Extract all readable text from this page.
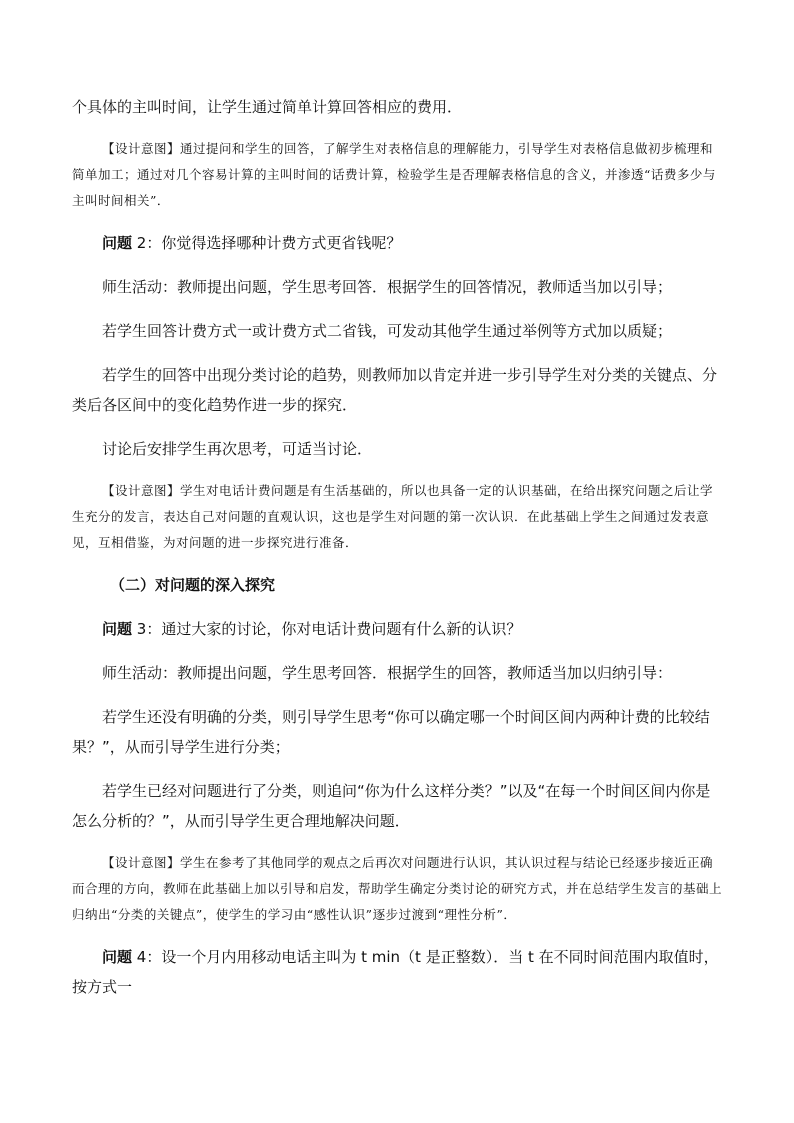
个具体的主叫时间，让学生通过简单计算回答相应的费用．

【设计意图】通过提问和学生的回答，了解学生对表格信息的理解能力，引导学生对表格信息做初步梳理和简单加工；通过对几个容易计算的主叫时间的话费计算，检验学生是否理解表格信息的含义，并渗透“话费多少与主叫时间相关”．

问题 2：你觉得选择哪种计费方式更省钱呢？

师生活动：教师提出问题，学生思考回答．根据学生的回答情况，教师适当加以引导；

若学生回答计费方式一或计费方式二省钱，可发动其他学生通过举例等方式加以质疑；

若学生的回答中出现分类讨论的趋势，则教师加以肯定并进一步引导学生对分类的关键点、分类后各区间中的变化趋势作进一步的探究．

讨论后安排学生再次思考，可适当讨论．

【设计意图】学生对电话计费问题是有生活基础的，所以也具备一定的认识基础，在给出探究问题之后让学生充分的发言，表达自己对问题的直观认识，这也是学生对问题的第一次认识．在此基础上学生之间通过发表意见，互相借鉴，为对问题的进一步探究进行准备．

（二）对问题的深入探究

问题 3：通过大家的讨论，你对电话计费问题有什么新的认识？

师生活动：教师提出问题，学生思考回答．根据学生的回答，教师适当加以归纳引导：

若学生还没有明确的分类，则引导学生思考“你可以确定哪一个时间区间内两种计费的比较结果？”，从而引导学生进行分类；

若学生已经对问题进行了分类，则追问“你为什么这样分类？”以及“在每一个时间区间内你是怎么分析的？”，从而引导学生更合理地解决问题．

【设计意图】学生在参考了其他同学的观点之后再次对问题进行认识，其认识过程与结论已经逐步接近正确而合理的方向，教师在此基础上加以引导和启发，帮助学生确定分类讨论的研究方式，并在总结学生发言的基础上归纳出“分类的关键点”，使学生的学习由“感性认识”逐步过渡到“理性分析”．

问题 4：设一个月内用移动电话主叫为 t min（t 是正整数）．当 t 在不同时间范围内取值时，按方式一
